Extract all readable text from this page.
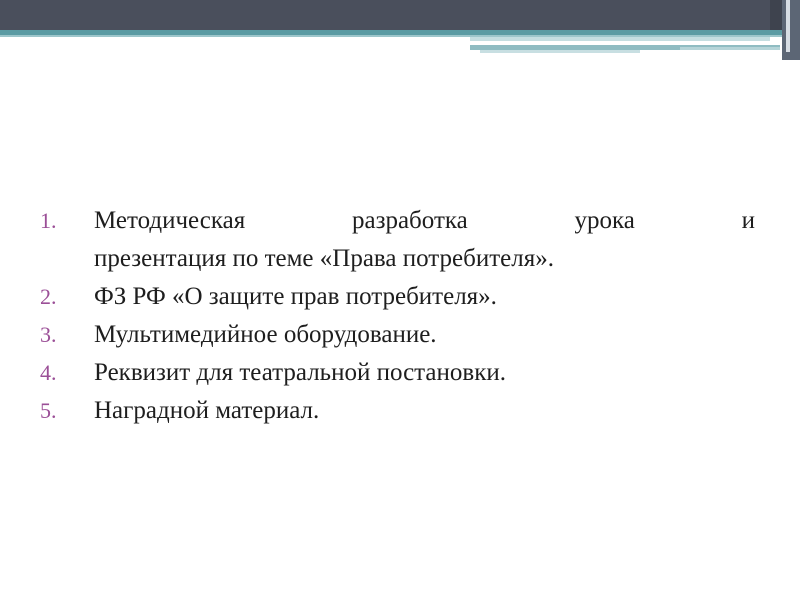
1.	Методическая разработка урока и
презентация по теме «Права потребителя».
2.	ФЗ РФ «О защите прав потребителя».
3.	Мультимедийное оборудование.
4.	Реквизит для театральной постановки.
5.	Наградной материал.
